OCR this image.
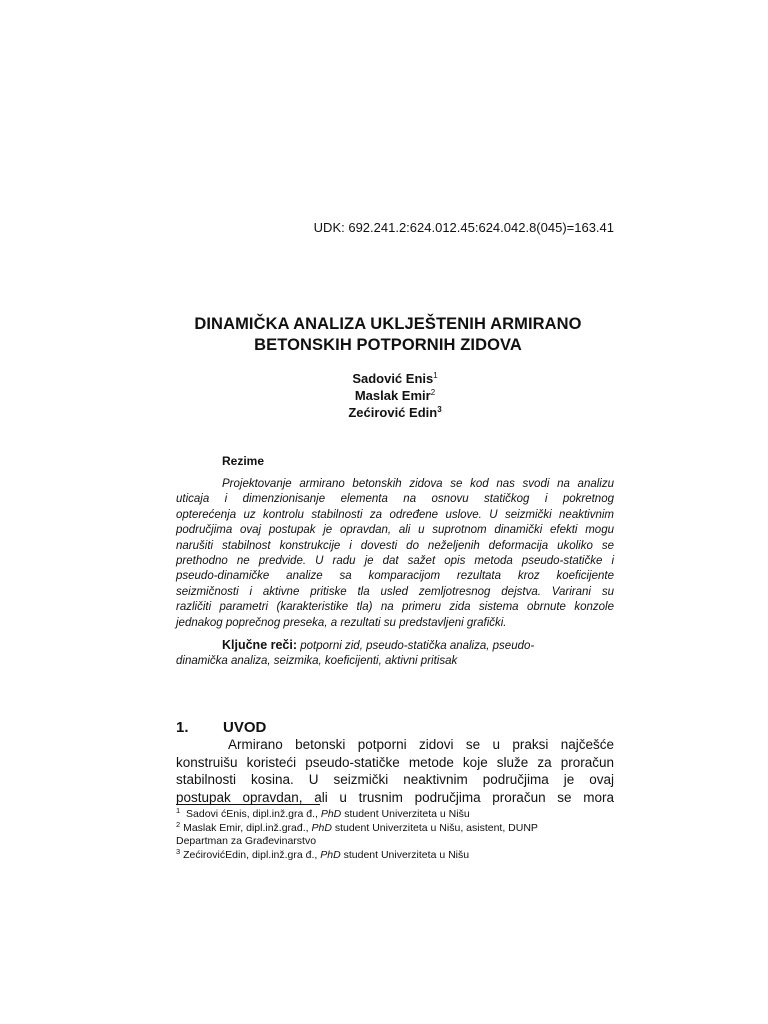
UDK: 692.241.2:624.012.45:624.042.8(045)=163.41
DINAMIČKA ANALIZA UKLJEŠTENIH ARMIRANO
BETONSKIH POTPORNIH ZIDOVA
Sadović Enis$^1$
Maslak Emir$^2$
Zećirović Edin$^3$
Rezime
Projektovanje armirano betonskih zidova se kod nas svodi na analizu
uticaja i dimenzionisanje elementa na osnovu statičkog i pokretnog
opterećenja uz kontrolu stabilnosti za određene uslove. U seizmički neaktivnim
područjima ovaj postupak je opravdan, ali u suprotnom dinamički efekti mogu
narušiti stabilnost konstrukcije i dovesti do neželjenih deformacija ukoliko se
prethodno ne predvide. U radu je dat sažet opis metoda pseudo-statičke i
pseudo-dinamičke analize sa komparacijom rezultata kroz koeficijente
seizmičnosti i aktivne pritiske tla usled zemljotresnog dejstva. Varirani su
različiti parametri (karakteristike tla) na primeru zida sistema obrnute konzole
jednakog poprečnog preseka, a rezultati su predstavljeni grafički.
Ključne reči: potporni zid, pseudo-statička analiza, pseudo-
dinamička analiza, seizmika, koeficijenti, aktivni pritisak
1. UVOD
Armirano betonski potporni zidovi se u praksi najčešće
konstruišu koristeći pseudo-statičke metode koje služe za proračun
stabilnosti kosina. U seizmički neaktivnim područjima je ovaj
postupak opravdan, ali u trusnim područjima proračun se mora
$^1$ Sadovi ćEnis, dipl.inž.gra đ., PhD student Univerziteta u Nišu
$^2$ Maslak Emir, dipl.inž.građ., PhD student Univerziteta u Nišu, asistent, DUNP
Departman za Građevinarstvo
$^3$ ZećirovićEdin, dipl.inž.gra đ., PhD student Univerziteta u Nišu
